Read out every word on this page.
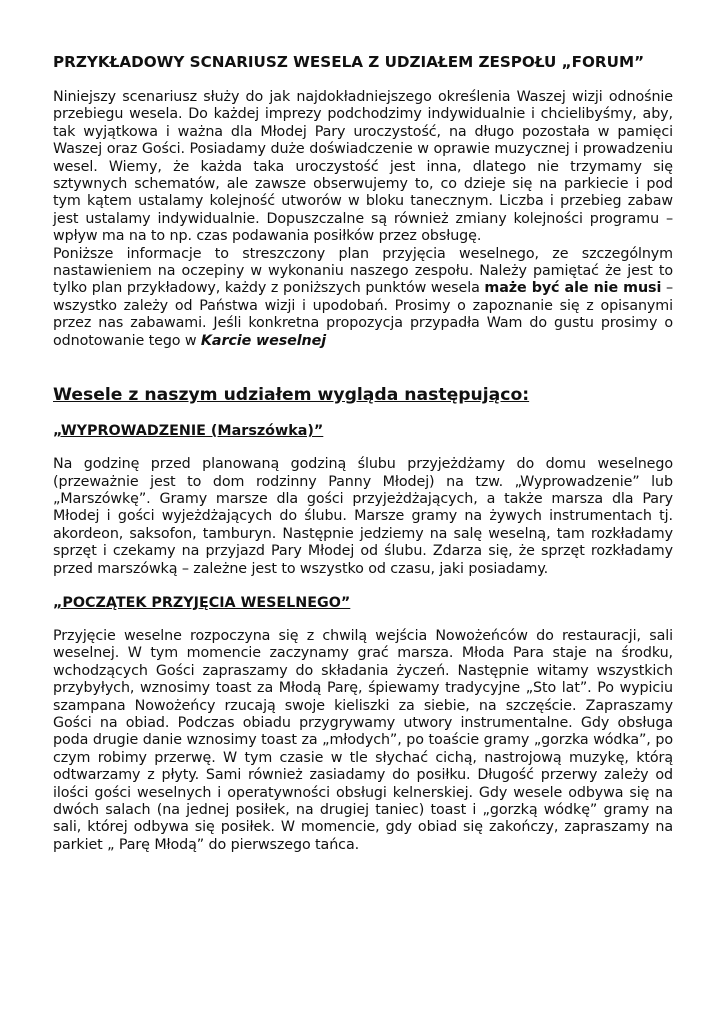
PRZYKŁADOWY SCNARIUSZ WESELA Z UDZIAŁEM ZESPOŁU „FORUM”

Niniejszy scenariusz służy do jak najdokładniejszego określenia Waszej wizji odnośnie przebiegu wesela. Do każdej imprezy podchodzimy indywidualnie i chcielibyśmy, aby, tak wyjątkowa i ważna dla Młodej Pary uroczystość, na długo pozostała w pamięci Waszej oraz Gości. Posiadamy duże doświadczenie w oprawie muzycznej i prowadzeniu wesel. Wiemy, że każda taka uroczystość jest inna, dlatego nie trzymamy się sztywnych schematów, ale zawsze obserwujemy to, co dzieje się na parkiecie i pod tym kątem ustalamy kolejność utworów w bloku tanecznym. Liczba i przebieg zabaw jest ustalamy indywidualnie. Dopuszczalne są również zmiany kolejności programu – wpływ ma na to np. czas podawania posiłków przez obsługę.

Poniższe informacje to streszczony plan przyjęcia weselnego, ze szczególnym nastawieniem na oczepiny w wykonaniu naszego zespołu. Należy pamiętać że jest to tylko plan przykładowy, każdy z poniższych punktów wesela maże być ale nie musi – wszystko zależy od Państwa wizji i upodobań. Prosimy o zapoznanie się z opisanymi przez nas zabawami. Jeśli konkretna propozycja przypadła Wam do gustu prosimy o odnotowanie tego w Karcie weselnej

Wesele z naszym udziałem wygląda następująco:
„WYPROWADZENIE (Marszówka)”

Na godzinę przed planowaną godziną ślubu przyjeżdżamy do domu weselnego (przeważnie jest to dom rodzinny Panny Młodej) na tzw. „Wyprowadzenie” lub „Marszówkę”. Gramy marsze dla gości przyjeżdżających, a także marsza dla Pary Młodej i gości wyjeżdżających do ślubu. Marsze gramy na żywych instrumentach tj. akordeon, saksofon, tamburyn. Następnie jedziemy na salę weselną, tam rozkładamy sprzęt i czekamy na przyjazd Pary Młodej od ślubu. Zdarza się, że sprzęt rozkładamy przed marszówką – zależne jest to wszystko od czasu, jaki posiadamy.

„POCZĄTEK PRZYJĘCIA WESELNEGO”

Przyjęcie weselne rozpoczyna się z chwilą wejścia Nowożeńców do restauracji, sali weselnej. W tym momencie zaczynamy grać marsza. Młoda Para staje na środku, wchodzących Gości zapraszamy do składania życzeń. Następnie witamy wszystkich przybyłych, wznosimy toast za Młodą Parę, śpiewamy tradycyjne „Sto lat”. Po wypiciu szampana Nowożeńcy rzucają swoje kieliszki za siebie, na szczęście. Zapraszamy Gości na obiad. Podczas obiadu przygrywamy utwory instrumentalne. Gdy obsługa poda drugie danie wznosimy toast za „młodych”, po toaście gramy „gorzka wódka”, po czym robimy przerwę. W tym czasie w tle słychać cichą, nastrojową muzykę, którą odtwarzamy z płyty. Sami również zasiadamy do posiłku. Długość przerwy zależy od ilości gości weselnych i operatywności obsługi kelnerskiej. Gdy wesele odbywa się na dwóch salach (na jednej posiłek, na drugiej taniec) toast i „gorzką wódkę” gramy na sali, której odbywa się posiłek. W momencie, gdy obiad się zakończy, zapraszamy na parkiet „ Parę Młodą” do pierwszego tańca.
